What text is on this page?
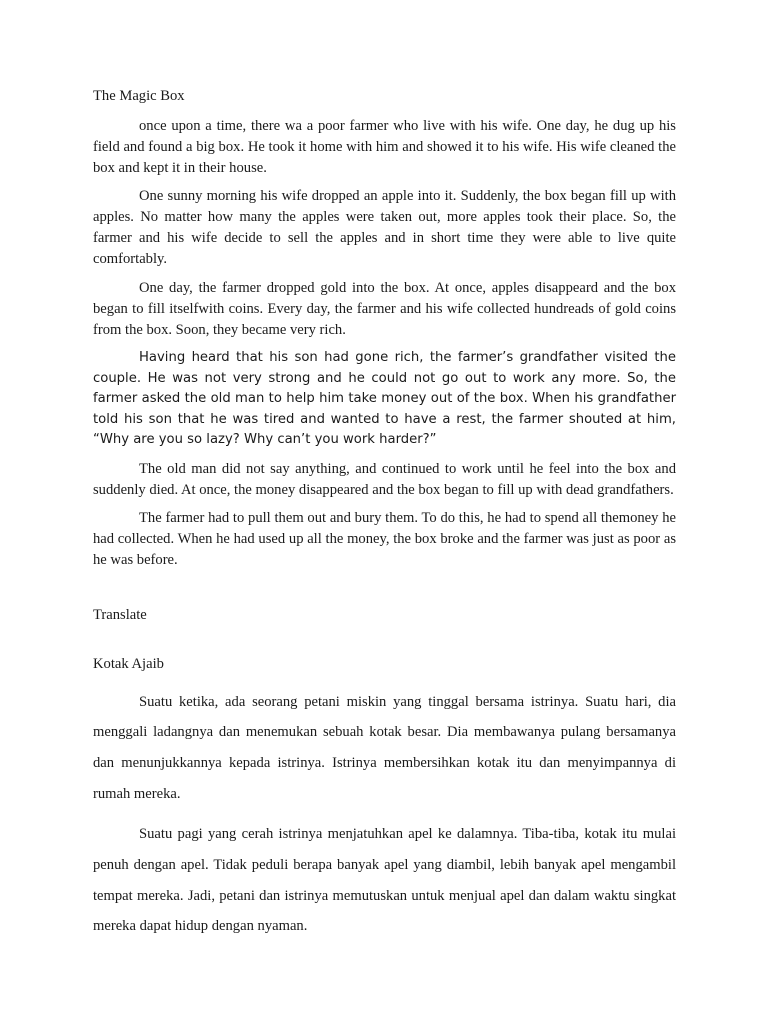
The Magic Box

once upon a time, there wa a poor farmer who live with his wife. One day, he dug up his field and found a big box. He took it home with him and showed it to his wife. His wife cleaned the box and kept it in their house.

One sunny morning his wife dropped an apple into it. Suddenly, the box began fill up with apples. No matter how many the apples were taken out, more apples took their place. So, the farmer and his wife decide to sell the apples and in short time they were able to live quite comfortably.

One day, the farmer dropped gold into the box. At once, apples disappeard and the box began to fill itselfwith coins. Every day, the farmer and his wife collected hundreads of gold coins from the box. Soon, they became very rich.

Having heard that his son had gone rich, the farmer’s grandfather visited the couple. He was not very strong and he could not go out to work any more. So, the farmer asked the old man to help him take money out of the box. When his grandfather told his son that he was tired and wanted to have a rest, the farmer shouted at him, “Why are you so lazy? Why can’t you work harder?”

The old man did not say anything, and continued to work until he feel into the box and suddenly died. At once, the money disappeared and the box began to fill up with dead grandfathers.

The farmer had to pull them out and bury them. To do this, he had to spend all themoney he had collected. When he had used up all the money, the box broke and the farmer was just as poor as he was before.

Translate
Kotak Ajaib

Suatu ketika, ada seorang petani miskin yang tinggal bersama istrinya. Suatu hari, dia menggali ladangnya dan menemukan sebuah kotak besar. Dia membawanya pulang bersamanya dan menunjukkannya kepada istrinya. Istrinya membersihkan kotak itu dan menyimpannya di rumah mereka.

Suatu pagi yang cerah istrinya menjatuhkan apel ke dalamnya. Tiba-tiba, kotak itu mulai penuh dengan apel. Tidak peduli berapa banyak apel yang diambil, lebih banyak apel mengambil tempat mereka. Jadi, petani dan istrinya memutuskan untuk menjual apel dan dalam waktu singkat mereka dapat hidup dengan nyaman.
